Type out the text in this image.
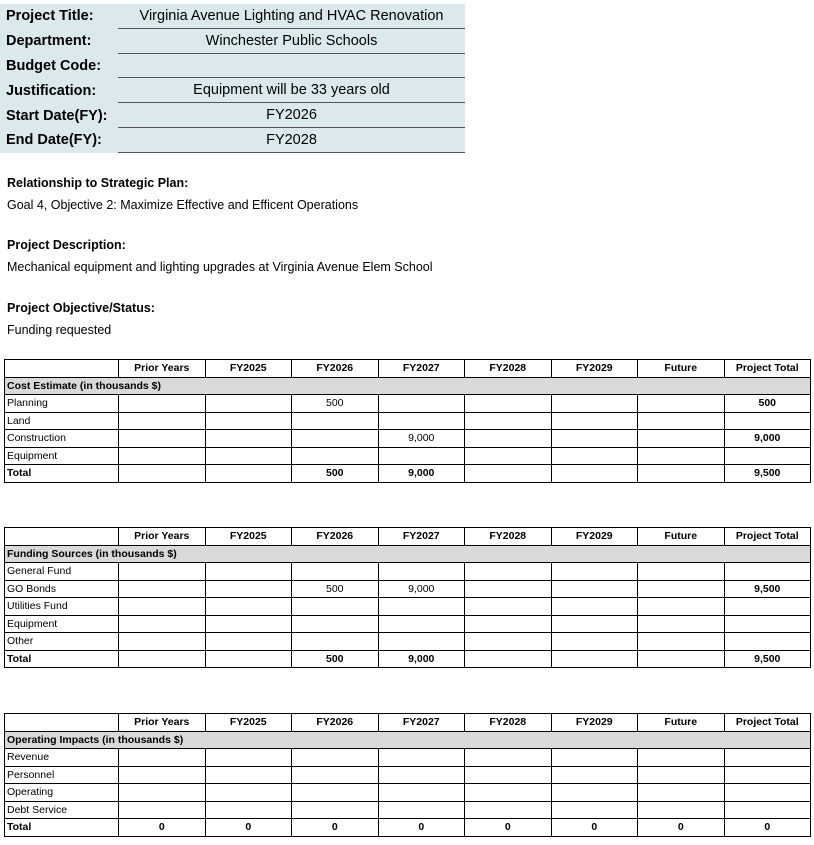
Project Title:	Virginia Avenue Lighting and HVAC Renovation
Department:	Winchester Public Schools
Budget Code:
Justification:	Equipment will be 33 years old
Start Date(FY):	FY2026
End Date(FY):	FY2028
Relationship to Strategic Plan:
Goal 4, Objective 2: Maximize Effective and Efficent Operations
Project Description:
Mechanical equipment and lighting upgrades at Virginia Avenue Elem School
Project Objective/Status:
Funding requested
	Prior Years	FY2025	FY2026	FY2027	FY2028	FY2029	Future	Project Total
Cost Estimate (in thousands $)								
Planning			500					500
Land								
Construction				9,000				9,000
Equipment								
Total			500	9,000				9,500
	Prior Years	FY2025	FY2026	FY2027	FY2028	FY2029	Future	Project Total
Funding Sources (in thousands $)								
General Fund								
GO Bonds			500	9,000				9,500
Utilities Fund								
Equipment								
Other								
Total			500	9,000				9,500
	Prior Years	FY2025	FY2026	FY2027	FY2028	FY2029	Future	Project Total
Operating Impacts (in thousands $)								
Revenue								
Personnel								
Operating								
Debt Service								
Total	0	0	0	0	0	0	0	0
